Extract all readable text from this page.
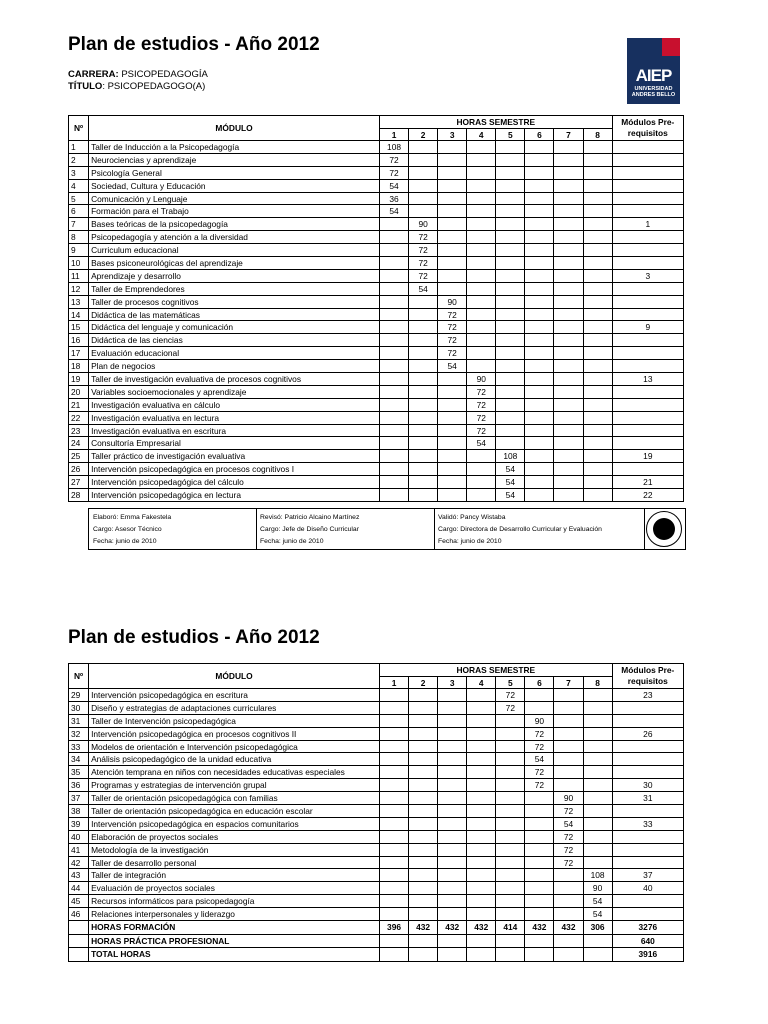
Plan de estudios - Año 2012
CARRERA: PSICOPEDAGOGÍA
TÍTULO: PSICOPEDAGOGO(A)
AIEP
UNIVERSIDAD
ANDRES BELLO
Nº	MÓDULO	HORAS SEMESTRE								Módulos Pre-requisitos
		1	2	3	4	5	6	7	8	
1	Taller de Inducción a la Psicopedagogía	108								
2	Neurociencias y aprendizaje	72								
3	Psicología General	72								
4	Sociedad, Cultura y Educación	54								
5	Comunicación y Lenguaje	36								
6	Formación para el Trabajo	54								
7	Bases teóricas de la psicopedagogía		90							1
8	Psicopedagogía y atención a la diversidad		72							
9	Curriculum educacional		72							
10	Bases psiconeurológicas del aprendizaje		72							
11	Aprendizaje y desarrollo		72							3
12	Taller de Emprendedores		54							
13	Taller de procesos cognitivos			90						
14	Didáctica de las matemáticas			72						
15	Didáctica del lenguaje y comunicación			72						9
16	Didáctica de las ciencias			72						
17	Evaluación educacional			72						
18	Plan de negocios			54						
19	Taller de investigación evaluativa de procesos cognitivos				90					13
20	Variables socioemocionales y aprendizaje				72					
21	Investigación evaluativa en cálculo				72					
22	Investigación evaluativa en lectura				72					
23	Investigación evaluativa en escritura				72					
24	Consultoría Empresarial				54					
25	Taller práctico de investigación evaluativa					108				19
26	Intervención psicopedagógica en procesos cognitivos I					54				
27	Intervención psicopedagógica del cálculo					54				21
28	Intervención psicopedagógica en lectura					54				22
Elaboró: Emma Fakestela
Cargo: Asesor Técnico
Fecha: junio de 2010
Revisó: Patricio Alcaino Martínez
Cargo: Jefe de Diseño Curricular
Fecha: junio de 2010
Validó: Pancy Wistaba
Cargo: Directora de Desarrollo Curricular y Evaluación
Fecha: junio de 2010
Plan de estudios - Año 2012
Nº	MÓDULO	HORAS SEMESTRE								Módulos Pre-requisitos
		1	2	3	4	5	6	7	8	
29	Intervención psicopedagógica en escritura					72				23
30	Diseño y estrategias de adaptaciones curriculares					72				
31	Taller de Intervención psicopedagógica						90			
32	Intervención psicopedagógica en procesos cognitivos II						72			26
33	Modelos de orientación e Intervención psicopedagógica						72			
34	Análisis psicopedagógico de la unidad educativa						54			
35	Atención temprana en niños con necesidades educativas especiales						72			
36	Programas y estrategias de intervención grupal						72			30
37	Taller de orientación psicopedagógica con familias							90		31
38	Taller de orientación psicopedagógica en educación escolar							72		
39	Intervención psicopedagógica en espacios comunitarios							54		33
40	Elaboración de proyectos sociales							72		
41	Metodología de la investigación							72		
42	Taller de desarrollo personal							72		
43	Taller de integración								108	37
44	Evaluación de proyectos sociales								90	40
45	Recursos informáticos para psicopedagogía								54	
46	Relaciones interpersonales y liderazgo								54	
	HORAS FORMACIÓN	396	432	432	432	414	432	432	306	3276
	HORAS PRÁCTICA PROFESIONAL									640
	TOTAL HORAS									3916
